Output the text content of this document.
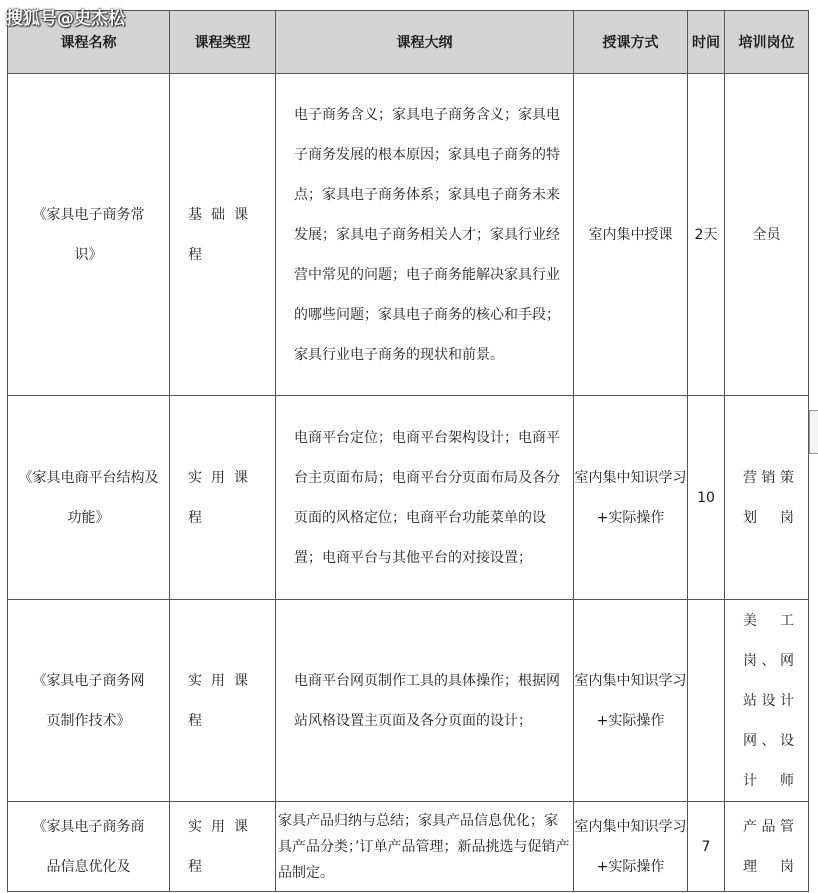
搜狐号@史杰松
课程名称	课程类型	课程大纲	授课方式	时间	培训岗位
《家具电子商务常识》	基础课程	电子商务含义；家具电子商务含义；家具电子商务发展的根本原因；家具电子商务的特点；家具电子商务体系；家具电子商务未来发展；家具电子商务相关人才；家具行业经营中常见的问题；电子商务能解决家具行业的哪些问题；家具电子商务的核心和手段；家具行业电子商务的现状和前景。	室内集中授课	2天	全员
《家具电商平台结构及功能》	实用课程	电商平台定位；电商平台架构设计；电商平台主页面布局；电商平台分页面布局及各分页面的风格定位；电商平台功能菜单的设置；电商平台与其他平台的对接设置；	室内集中知识学习+实际操作	10	营销策划岗
《家具电子商务网页制作技术》	实用课程	电商平台网页制作工具的具体操作；根据网站风格设置主页面及各分页面的设计；	室内集中知识学习+实际操作		美工岗、网站设计网、设计师
《家具电子商务商品信息优化及	实用课程	家具产品归纳与总结；家具产品信息优化；家具产品分类；’订单产品管理；新品挑选与促销产品制定。	室内集中知识学习+实际操作	7	产品管理岗
